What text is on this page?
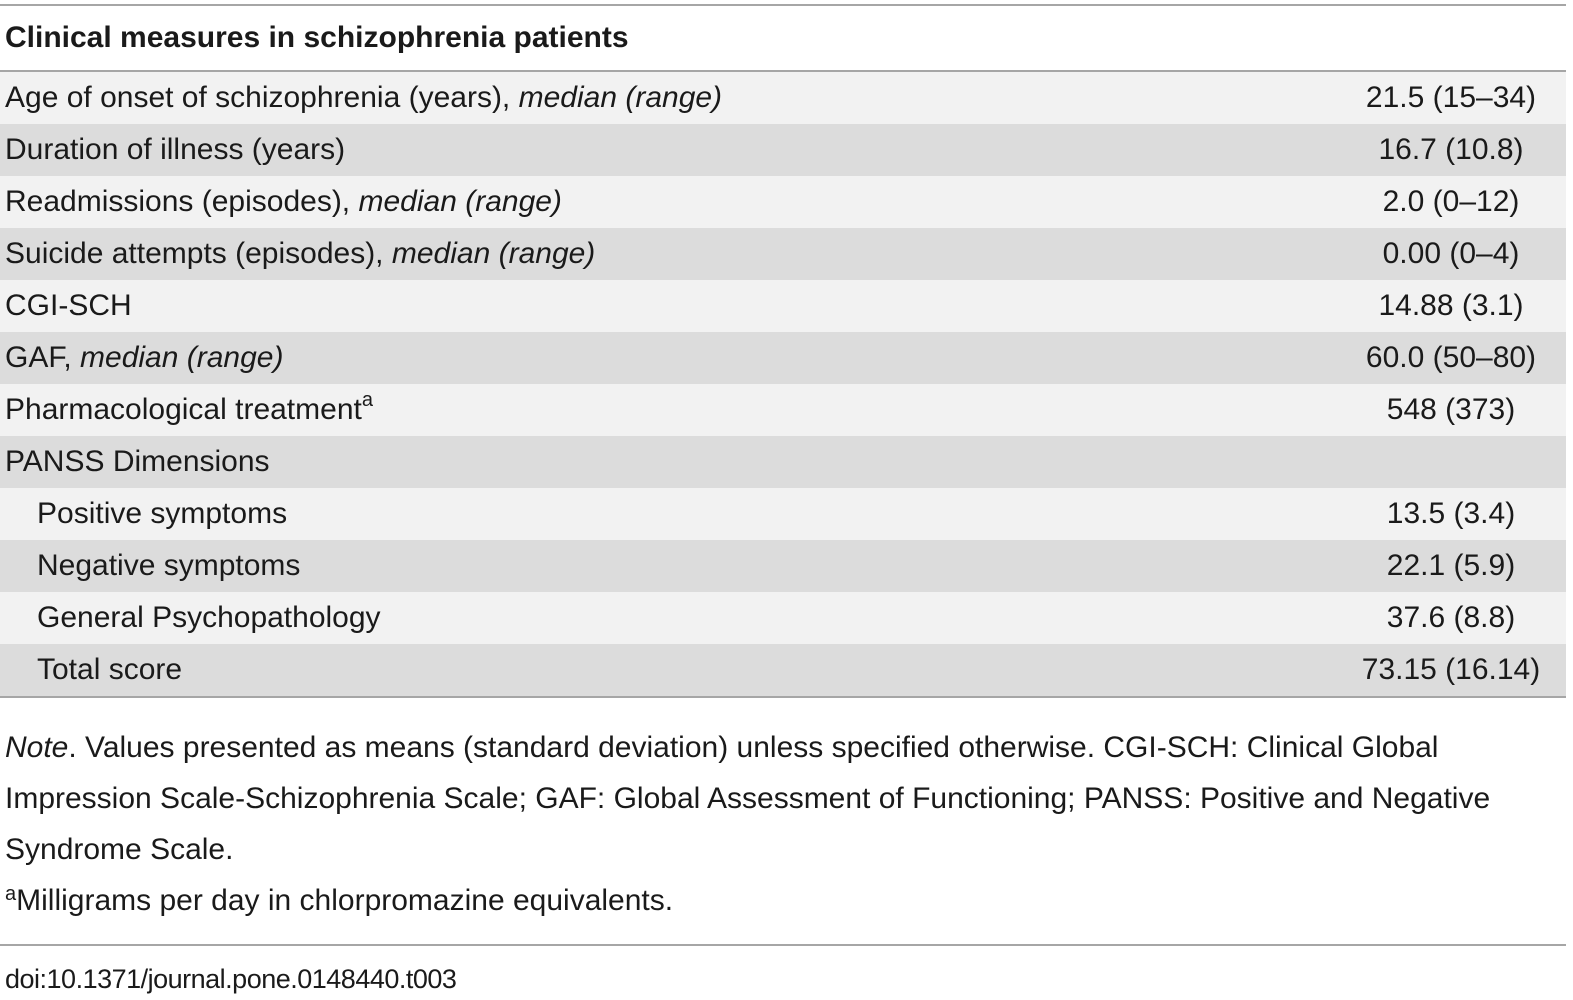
Clinical measures in schizophrenia patients
Age of onset of schizophrenia (years), median (range)	21.5 (15–34)
Duration of illness (years)	16.7 (10.8)
Readmissions (episodes), median (range)	2.0 (0–12)
Suicide attempts (episodes), median (range)	0.00 (0–4)
CGI-SCH	14.88 (3.1)
GAF, median (range)	60.0 (50–80)
Pharmacological treatment$^a$	548 (373)
PANSS Dimensions	
Positive symptoms	13.5 (3.4)
Negative symptoms	22.1 (5.9)
General Psychopathology	37.6 (8.8)
Total score	73.15 (16.14)
Note. Values presented as means (standard deviation) unless specified otherwise. CGI-SCH: Clinical Global Impression Scale-Schizophrenia Scale; GAF: Global Assessment of Functioning; PANSS: Positive and Negative Syndrome Scale.
$^a$Milligrams per day in chlorpromazine equivalents.
doi:10.1371/journal.pone.0148440.t003
